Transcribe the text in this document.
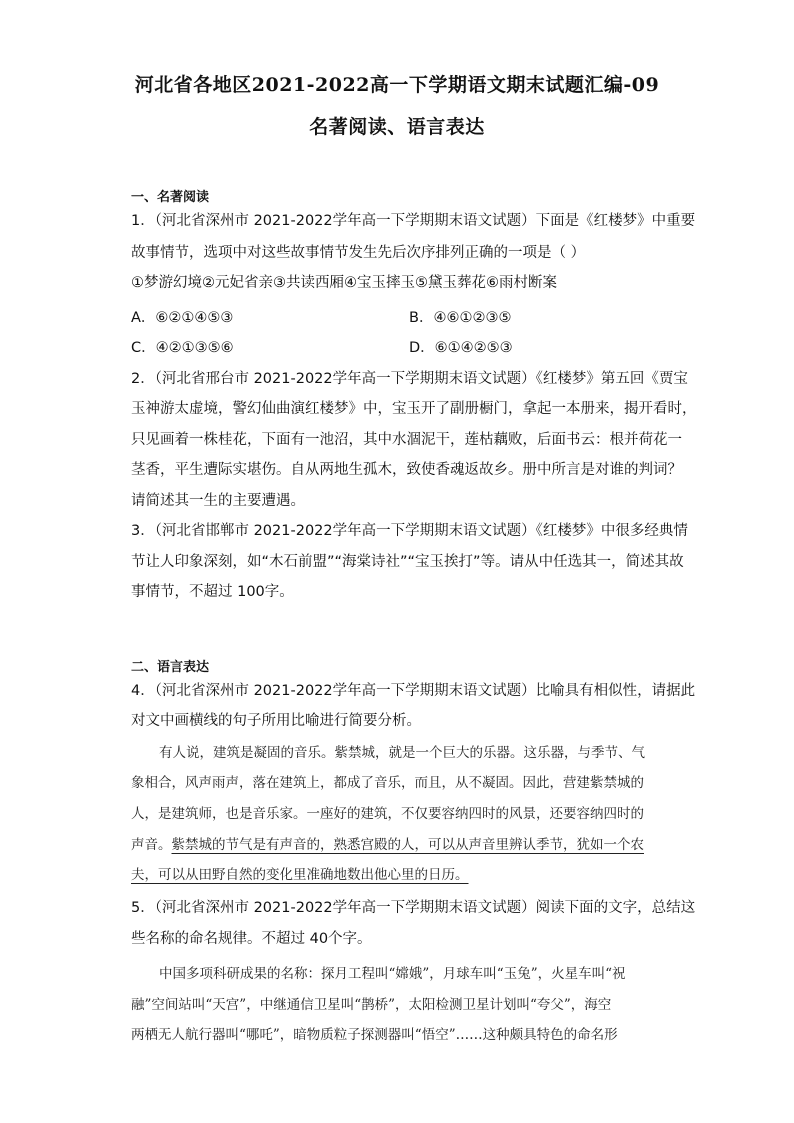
河北省各地区2021-2022高一下学期语文期末试题汇编-09
名著阅读、语言表达
一、名著阅读
1．（河北省深州市 2021-2022学年高一下学期期末语文试题）下面是《红楼梦》中重要
故事情节，选项中对这些故事情节发生先后次序排列正确的一项是（ ）
①梦游幻境②元妃省亲③共读西厢④宝玉摔玉⑤黛玉葬花⑥雨村断案
A．⑥②①④⑤③	B．④⑥①②③⑤
C．④②①③⑤⑥	D．⑥①④②⑤③
2．（河北省邢台市 2021-2022学年高一下学期期末语文试题）《红楼梦》第五回《贾宝
玉神游太虚境，警幻仙曲演红楼梦》中，宝玉开了副册橱门，拿起一本册来，揭开看时，
只见画着一株桂花，下面有一池沼，其中水涸泥干，莲枯藕败，后面书云：根并荷花一
茎香，平生遭际实堪伤。自从两地生孤木，致使香魂返故乡。册中所言是对谁的判词？
请简述其一生的主要遭遇。
3．（河北省邯郸市 2021-2022学年高一下学期期末语文试题）《红楼梦》中很多经典情
节让人印象深刻，如“木石前盟”“海棠诗社”“宝玉挨打”等。请从中任选其一，简述其故
事情节，不超过 100字。
二、语言表达
4．（河北省深州市 2021-2022学年高一下学期期末语文试题）比喻具有相似性，请据此
对文中画横线的句子所用比喻进行简要分析。
有人说，建筑是凝固的音乐。紫禁城，就是一个巨大的乐器。这乐器，与季节、气
象相合，风声雨声，落在建筑上，都成了音乐，而且，从不凝固。因此，营建紫禁城的
人，是建筑师，也是音乐家。一座好的建筑，不仅要容纳四时的风景，还要容纳四时的
声音。紫禁城的节气是有声音的，熟悉宫殿的人，可以从声音里辨认季节，犹如一个农
夫，可以从田野自然的变化里准确地数出他心里的日历。
5．（河北省深州市 2021-2022学年高一下学期期末语文试题）阅读下面的文字，总结这
些名称的命名规律。不超过 40个字。
中国多项科研成果的名称：探月工程叫“嫦娥”，月球车叫“玉兔”，火星车叫“祝
融”空间站叫“天宫”，中继通信卫星叫“鹊桥”，太阳检测卫星计划叫“夸父”，海空
两栖无人航行器叫“哪吒”，暗物质粒子探测器叫“悟空”……这种颇具特色的命名形
